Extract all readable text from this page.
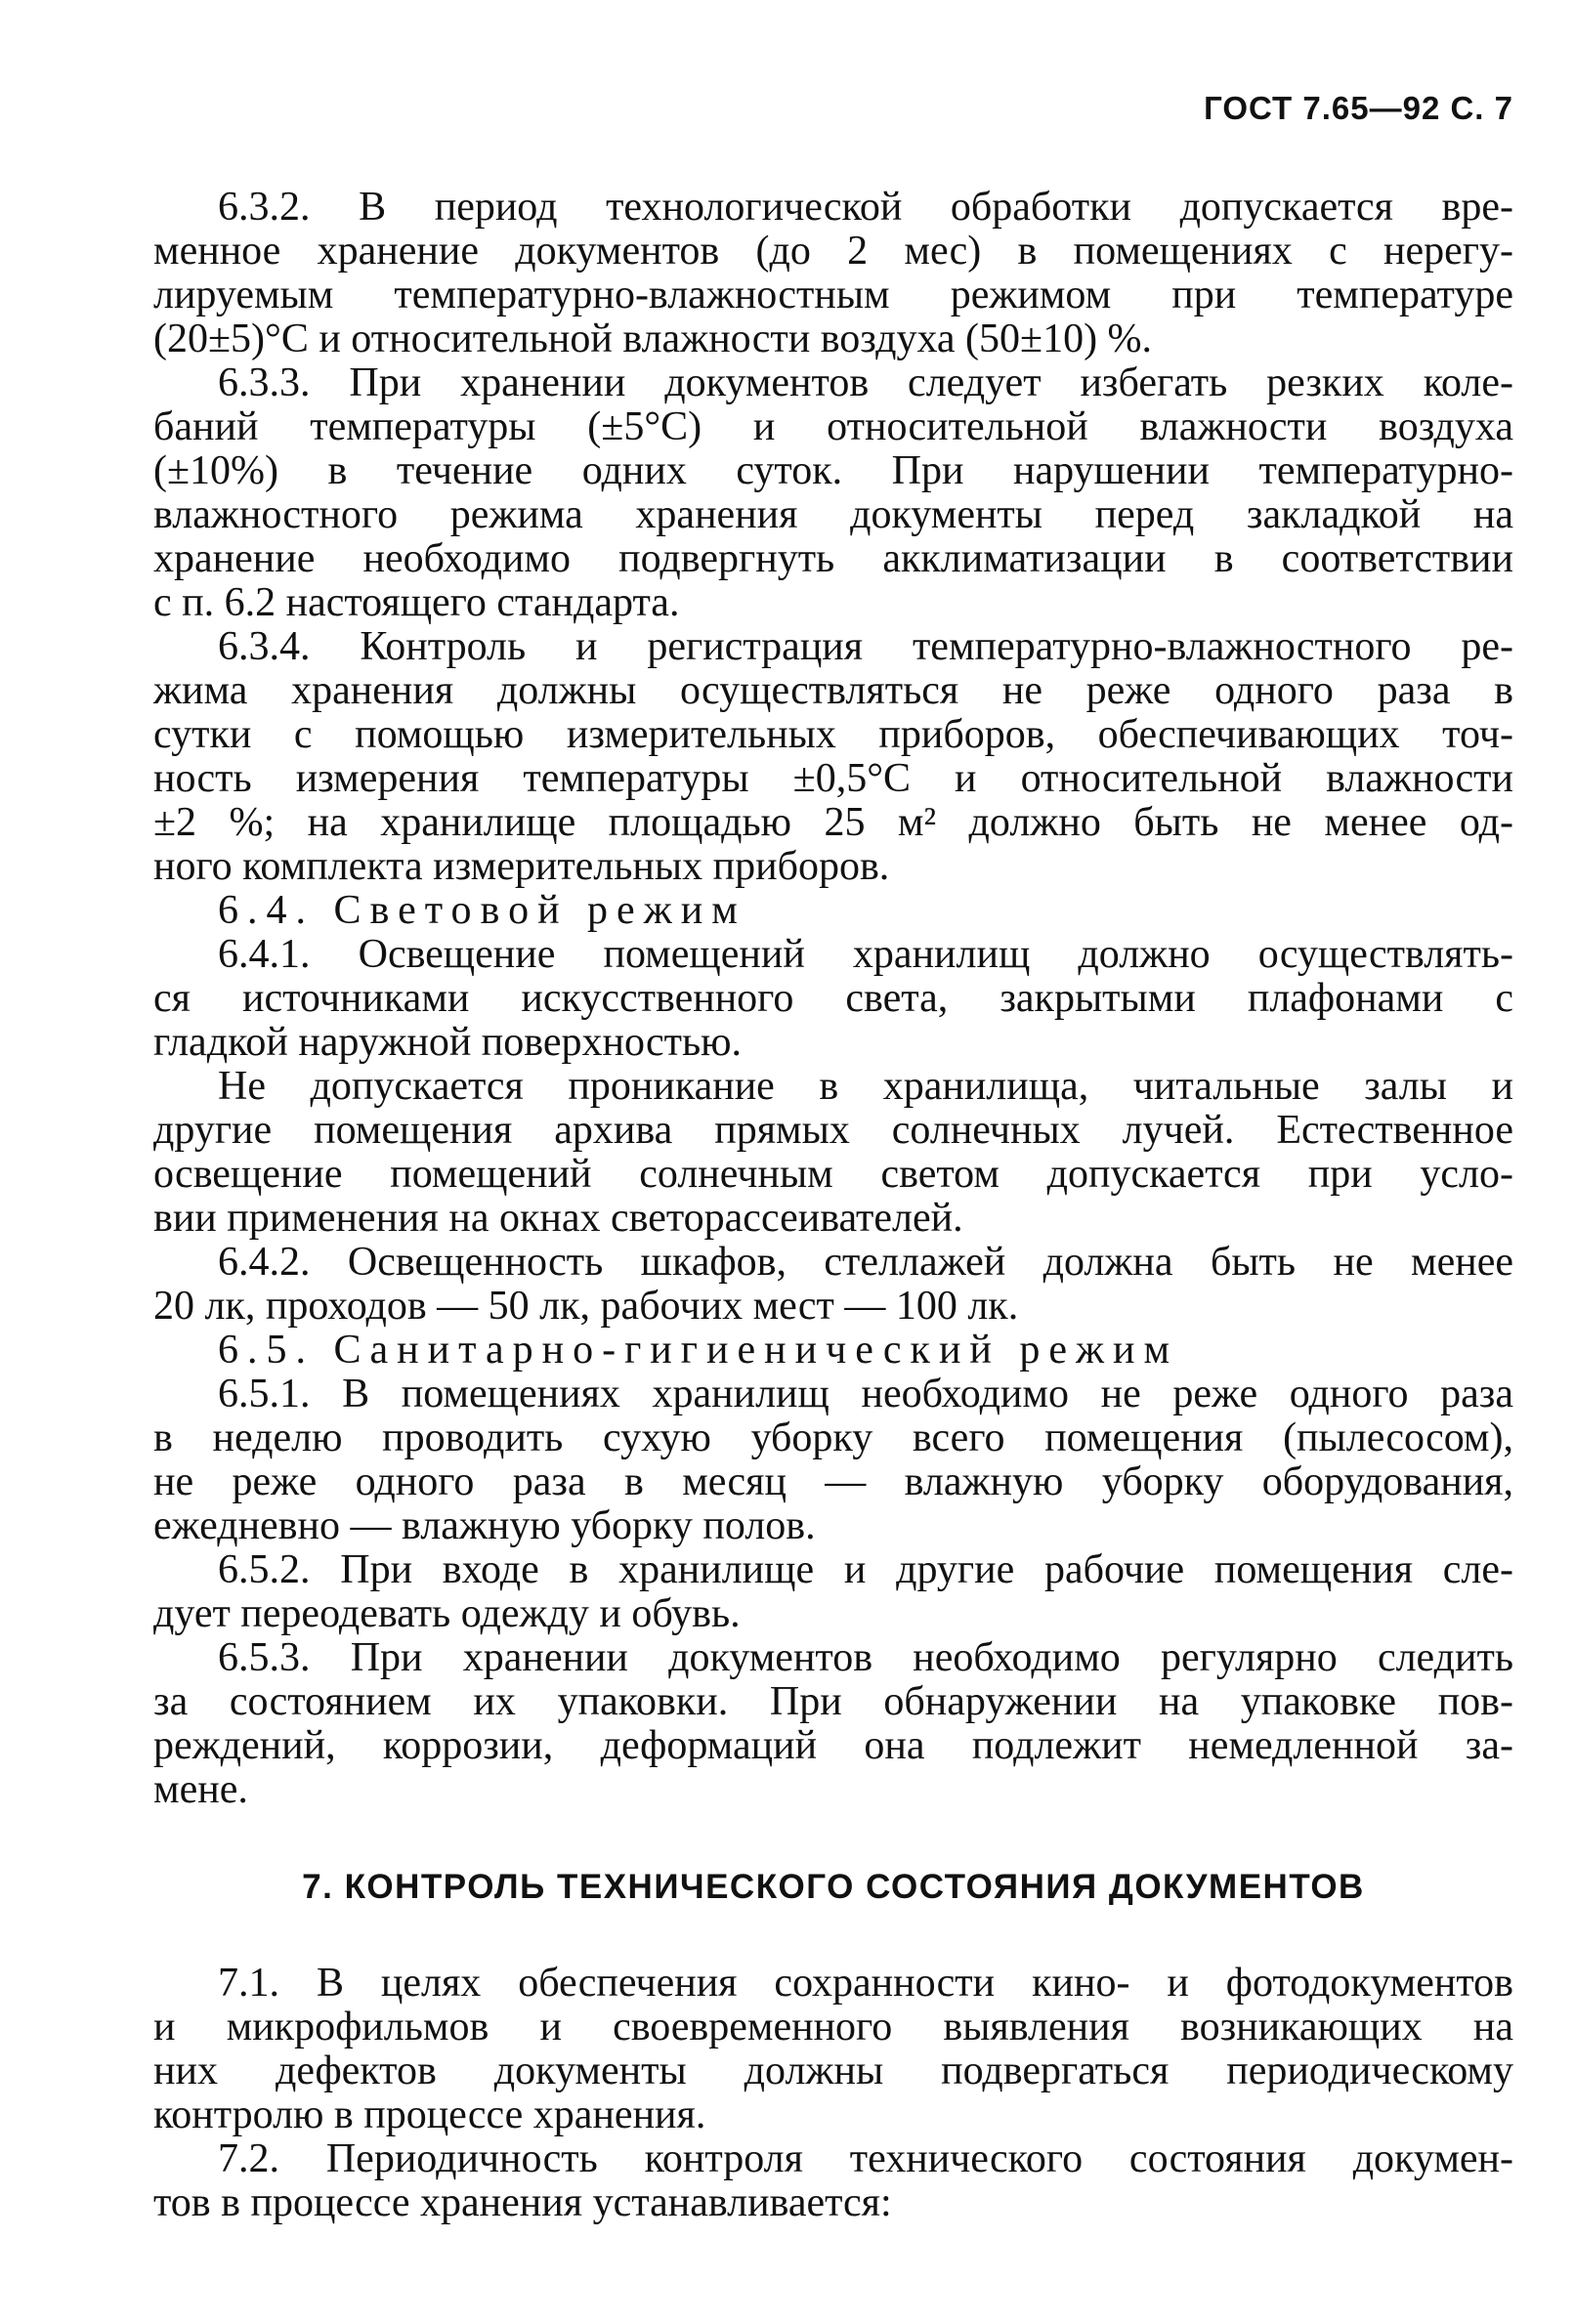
ГОСТ 7.65—92 С. 7
6.3.2. В период технологической обработки допускается вре-
менное хранение документов (до 2 мес) в помещениях с нерегу-
лируемым температурно-влажностным режимом при температуре
(20±5)°С и относительной влажности воздуха (50±10) %.
6.3.3. При хранении документов следует избегать резких коле-
баний температуры (±5°С) и относительной влажности воздуха
(±10%) в течение одних суток. При нарушении температурно-
влажностного режима хранения документы перед закладкой на
хранение необходимо подвергнуть акклиматизации в соответствии
с п. 6.2 настоящего стандарта.
6.3.4. Контроль и регистрация температурно-влажностного ре-
жима хранения должны осуществляться не реже одного раза в
сутки с помощью измерительных приборов, обеспечивающих точ-
ность измерения температуры ±0,5°С и относительной влажности
±2 %; на хранилище площадью 25 м² должно быть не менее од-
ного комплекта измерительных приборов.
6.4. Световой режим
6.4.1. Освещение помещений хранилищ должно осуществлять-
ся источниками искусственного света, закрытыми плафонами с
гладкой наружной поверхностью.
Не допускается проникание в хранилища, читальные залы и
другие помещения архива прямых солнечных лучей. Естественное
освещение помещений солнечным светом допускается при усло-
вии применения на окнах светорассеивателей.
6.4.2. Освещенность шкафов, стеллажей должна быть не менее
20 лк, проходов — 50 лк, рабочих мест — 100 лк.
6.5. Санитарно-гигиенический режим
6.5.1. В помещениях хранилищ необходимо не реже одного раза
в неделю проводить сухую уборку всего помещения (пылесосом),
не реже одного раза в месяц — влажную уборку оборудования,
ежедневно — влажную уборку полов.
6.5.2. При входе в хранилище и другие рабочие помещения сле-
дует переодевать одежду и обувь.
6.5.3. При хранении документов необходимо регулярно следить
за состоянием их упаковки. При обнаружении на упаковке пов-
реждений, коррозии, деформаций она подлежит немедленной за-
мене.
7. КОНТРОЛЬ ТЕХНИЧЕСКОГО СОСТОЯНИЯ ДОКУМЕНТОВ
7.1. В целях обеспечения сохранности кино- и фотодокументов
и микрофильмов и своевременного выявления возникающих на
них дефектов документы должны подвергаться периодическому
контролю в процессе хранения.
7.2. Периодичность контроля технического состояния докумен-
тов в процессе хранения устанавливается:
